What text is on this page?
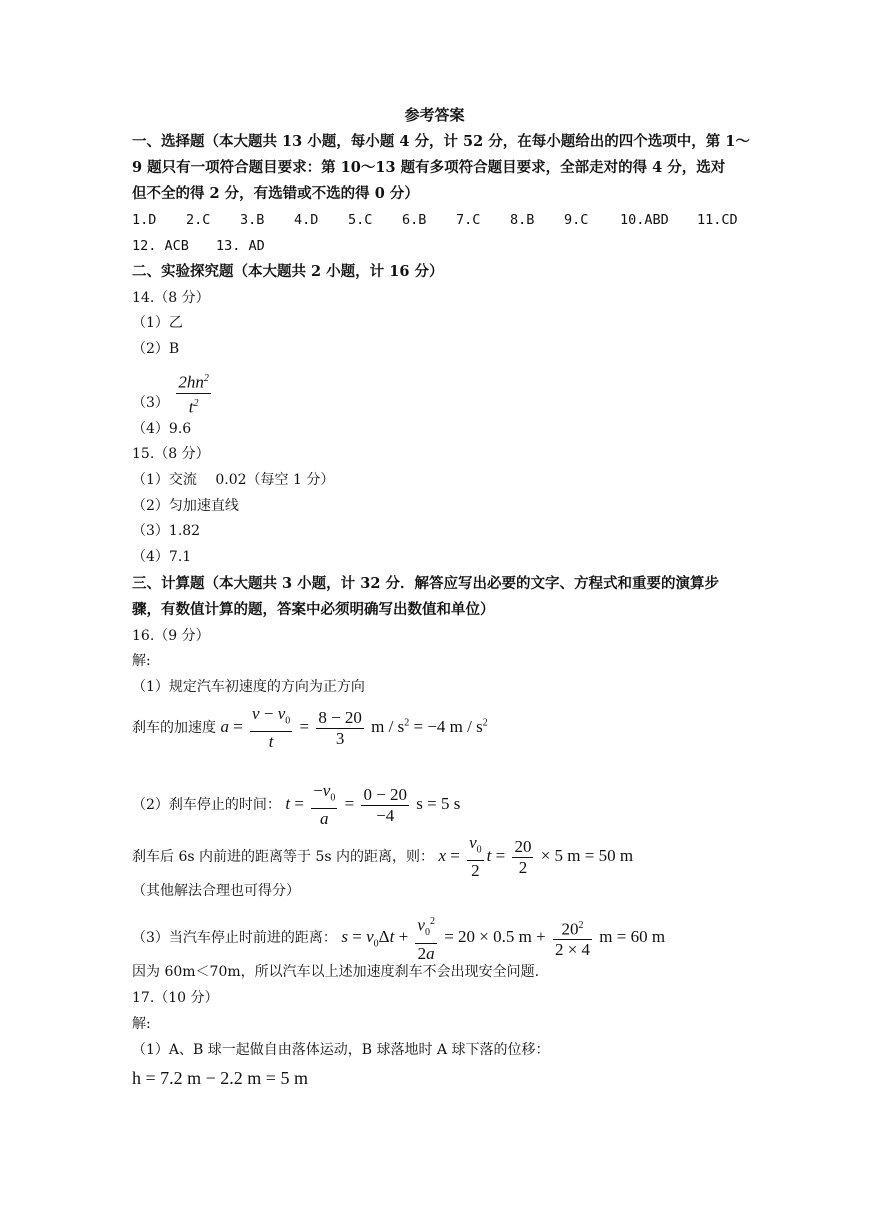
参考答案
一、选择题（本大题共 13 小题，每小题 4 分，计 52 分，在每小题给出的四个选项中，第 1～
9 题只有一项符合题目要求：第 10～13 题有多项符合题目要求，全部走对的得 4 分，选对
但不全的得 2 分，有选错或不选的得 0 分）
1.D 2.C 3.B 4.D 5.C 6.B 7.C 8.B 9.C 10.ABD 11.CD
12. ACB 13. AD
二、实验探究题（本大题共 2 小题，计 16 分）
14.（8 分）
（1）乙
（2）B
$(3) \frac{2hn^2}{t^2}$
（4）9.6
15.（8 分）
（1）交流　 0.02（每空 1 分）
（2）匀加速直线
（3）1.82
（4）7.1
三、计算题（本大题共 3 小题，计 32 分．解答应写出必要的文字、方程式和重要的演算步
骤，有数值计算的题，答案中必须明确写出数值和单位）
16.（9 分）
解:
（1）规定汽车初速度的方向为正方向
刹车的加速度 $a = \frac{v - v_0}{t} = \frac{8 - 20}{3}$ $m / s^2 = -4$ m / $s^2$
（2）刹车停止的时间： $t = \frac{-v_0}{a} = \frac{0 - 20}{-4}$ s = 5 s
刹车后 6s 内前进的距离等于 5s 内的距离，则： $x = \frac{v_0}{2}$ $t = \frac{20}{2} \times 5$ m = 50 m
（其他解法合理也可得分）
（3）当汽车停止时前进的距离： $s = v_0\Delta t + \frac{v_0^2}{2a} = 20 \times 0.5$ $m + \frac{20^2}{2 \times 4}$ m = 60 m
因为 60m＜70m，所以汽车以上述加速度刹车不会出现安全问题.
17.（10 分）
解:
（1）A、B 球一起做自由落体运动，B 球落地时 A 球下落的位移：
h = 7.2 m − 2.2 m = 5 m
